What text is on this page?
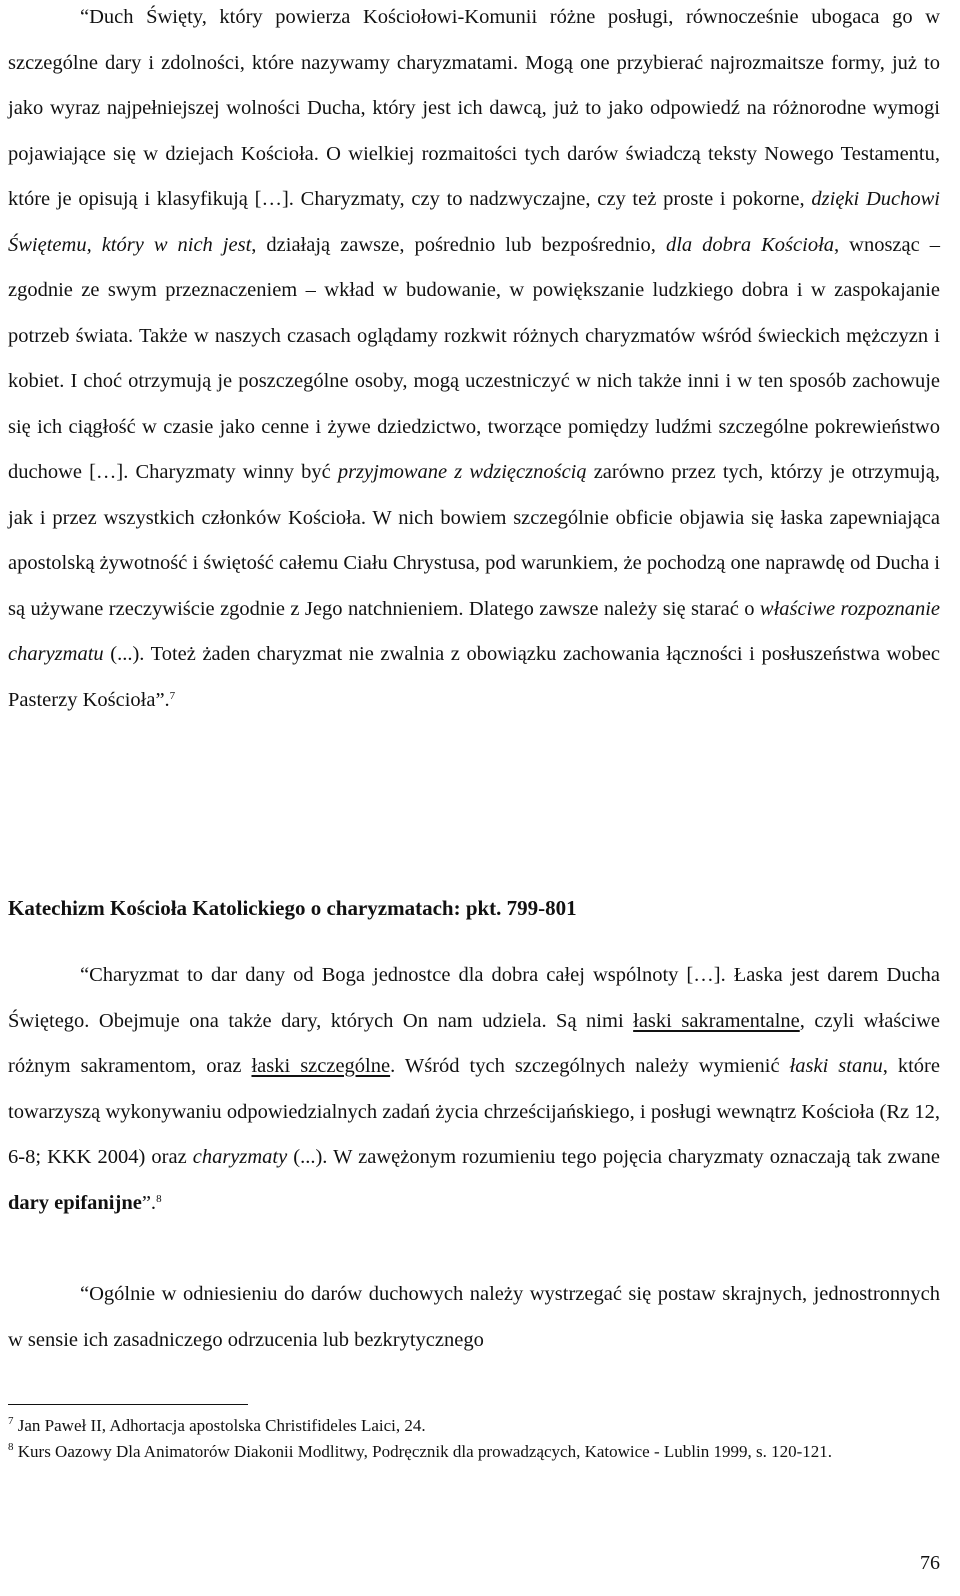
“Duch Święty, który powierza Kościołowi-Komunii różne posługi, równocześnie ubogaca go w szczególne dary i zdolności, które nazywamy charyzmatami. Mogą one przybierać najrozmaitsze formy, już to jako wyraz najpełniejszej wolności Ducha, który jest ich dawcą, już to jako odpowiedź na różnorodne wymogi pojawiające się w dziejach Kościoła. O wielkiej rozmaitości tych darów świadczą teksty Nowego Testamentu, które je opisują i klasyfikują […]. Charyzmaty, czy to nadzwyczajne, czy też proste i pokorne, dzięki Duchowi Świętemu, który w nich jest, działają zawsze, pośrednio lub bezpośrednio, dla dobra Kościoła, wnosząc – zgodnie ze swym przeznaczeniem – wkład w budowanie, w powiększanie ludzkiego dobra i w zaspokajanie potrzeb świata. Także w naszych czasach oglądamy rozkwit różnych charyzmatów wśród świeckich mężczyzn i kobiet. I choć otrzymują je poszczególne osoby, mogą uczestniczyć w nich także inni i w ten sposób zachowuje się ich ciągłość w czasie jako cenne i żywe dziedzictwo, tworzące pomiędzy ludźmi szczególne pokrewieństwo duchowe […]. Charyzmaty winny być przyjmowane z wdzięcznością zarówno przez tych, którzy je otrzymują, jak i przez wszystkich członków Kościoła. W nich bowiem szczególnie obficie objawia się łaska zapewniająca apostolską żywotność i świętość całemu Ciału Chrystusa, pod warunkiem, że pochodzą one naprawdę od Ducha i są używane rzeczywiście zgodnie z Jego natchnieniem. Dlatego zawsze należy się starać o właściwe rozpoznanie charyzmatu (...). Toteż żaden charyzmat nie zwalnia z obowiązku zachowania łączności i posłuszeństwa wobec Pasterzy Kościoła”.$^7$

Katechizm Kościoła Katolickiego o charyzmatach: pkt. 799-801

“Charyzmat to dar dany od Boga jednostce dla dobra całej wspólnoty […]. Łaska jest darem Ducha Świętego. Obejmuje ona także dary, których On nam udziela. Są nimi łaski sakramentalne, czyli właściwe różnym sakramentom, oraz łaski szczególne. Wśród tych szczególnych należy wymienić łaski stanu, które towarzyszą wykonywaniu odpowiedzialnych zadań życia chrześcijańskiego, i posługi wewnątrz Kościoła (Rz 12, 6-8; KKK 2004) oraz charyzmaty (...). W zawężonym rozumieniu tego pojęcia charyzmaty oznaczają tak zwane dary epifanijne”.$^8$

“Ogólnie w odniesieniu do darów duchowych należy wystrzegać się postaw skrajnych, jednostronnych w sensie ich zasadniczego odrzucenia lub bezkrytycznego

$^7$ Jan Paweł II, Adhortacja apostolska Christifideles Laici, 24.

$^8$ Kurs Oazowy Dla Animatorów Diakonii Modlitwy, Podręcznik dla prowadzących, Katowice - Lublin 1999, s. 120-121.

76
